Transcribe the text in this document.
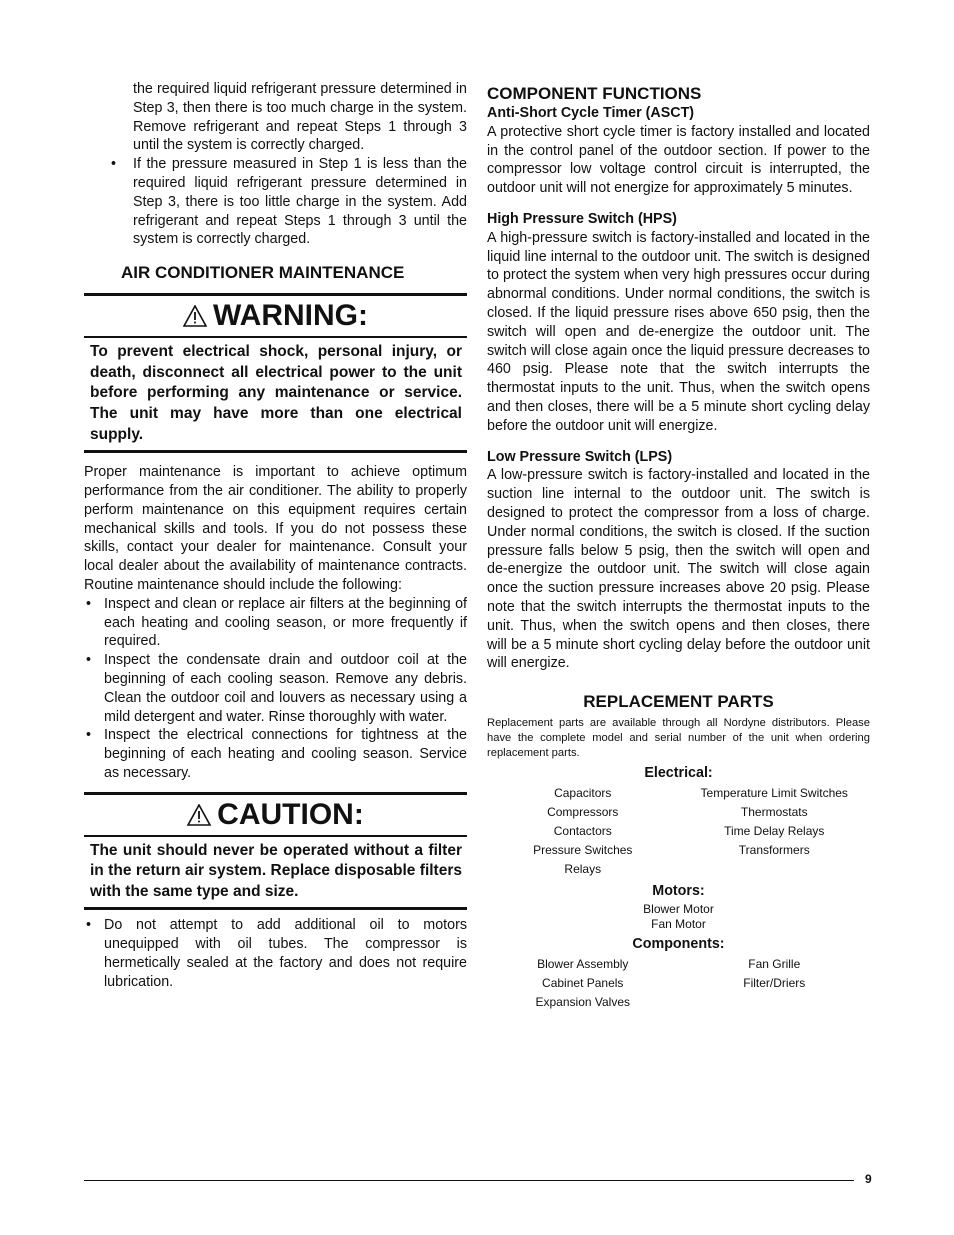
the required liquid refrigerant pressure determined in Step 3, then there is too much charge in the system. Remove refrigerant and repeat Steps 1 through 3 until the system is correctly charged.

• If the pressure measured in Step 1 is less than the required liquid refrigerant pressure determined in Step 3, there is too little charge in the system. Add refrigerant and repeat Steps 1 through 3 until the system is correctly charged.
AIR CONDITIONER MAINTENANCE
WARNING:
To prevent electrical shock, personal injury, or death, disconnect all electrical power to the unit before performing any maintenance or service. The unit may have more than one electrical supply.

Proper maintenance is important to achieve optimum performance from the air conditioner. The ability to properly perform maintenance on this equipment requires certain mechanical skills and tools. If you do not possess these skills, contact your dealer for maintenance. Consult your local dealer about the availability of maintenance contracts. Routine maintenance should include the following:

• Inspect and clean or replace air filters at the beginning of each heating and cooling season, or more frequently if required.
• Inspect the condensate drain and outdoor coil at the beginning of each cooling season. Remove any debris. Clean the outdoor coil and louvers as necessary using a mild detergent and water. Rinse thoroughly with water.
• Inspect the electrical connections for tightness at the beginning of each heating and cooling season. Service as necessary.
CAUTION:
The unit should never be operated without a filter in the return air system. Replace disposable filters with the same type and size.
• Do not attempt to add additional oil to motors unequipped with oil tubes. The compressor is hermetically sealed at the factory and does not require lubrication.
COMPONENT FUNCTIONS
Anti-Short Cycle Timer (ASCT)

A protective short cycle timer is factory installed and located in the control panel of the outdoor section. If power to the compressor low voltage control circuit is interrupted, the outdoor unit will not energize for approximately 5 minutes.

High Pressure Switch (HPS)

A high-pressure switch is factory-installed and located in the liquid line internal to the outdoor unit. The switch is designed to protect the system when very high pressures occur during abnormal conditions. Under normal conditions, the switch is closed. If the liquid pressure rises above 650 psig, then the switch will open and de-energize the outdoor unit. The switch will close again once the liquid pressure decreases to 460 psig. Please note that the switch interrupts the thermostat inputs to the unit. Thus, when the switch opens and then closes, there will be a 5 minute short cycling delay before the outdoor unit will energize.

Low Pressure Switch (LPS)

A low-pressure switch is factory-installed and located in the suction line internal to the outdoor unit. The switch is designed to protect the compressor from a loss of charge. Under normal conditions, the switch is closed. If the suction pressure falls below 5 psig, then the switch will open and de-energize the outdoor unit. The switch will close again once the suction pressure increases above 20 psig. Please note that the switch interrupts the thermostat inputs to the unit. Thus, when the switch opens and then closes, there will be a 5 minute short cycling delay before the outdoor unit will energize.

REPLACEMENT PARTS

Replacement parts are available through all Nordyne distributors. Please have the complete model and serial number of the unit when ordering replacement parts.

Electrical:
Capacitors	Temperature Limit Switches
Compressors	Thermostats
Contactors	Time Delay Relays
Pressure Switches	Transformers
Relays
Motors:
Blower Motor
Fan Motor
Components:
Blower Assembly	Fan Grille
Cabinet Panels	Filter/Driers
Expansion Valves
9
